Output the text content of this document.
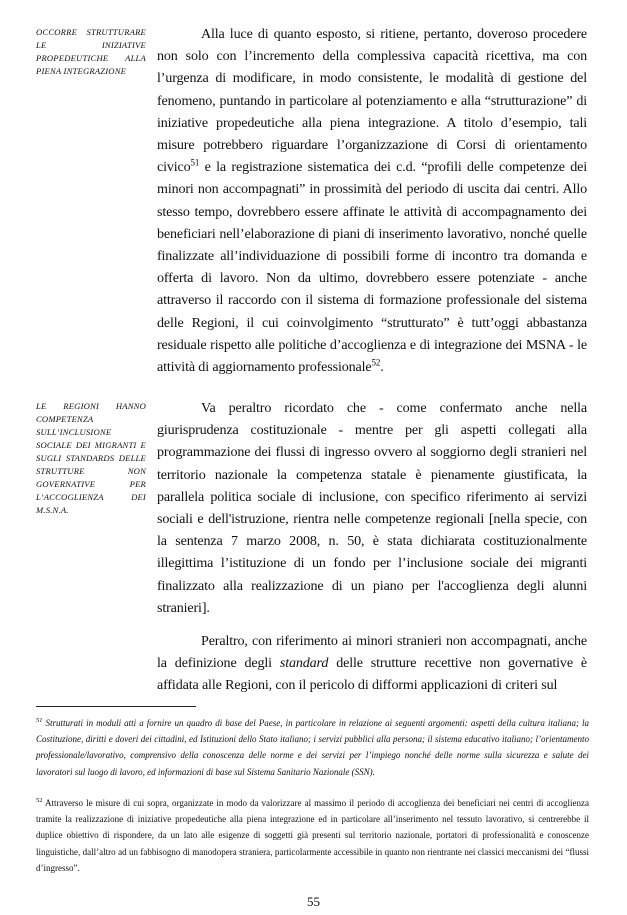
OCCORRE STRUTTURARE LE INIZIATIVE PROPEDEUTICHE ALLA PIENA INTEGRAZIONE

Alla luce di quanto esposto, si ritiene, pertanto, doveroso procedere non solo con l’incremento della complessiva capacità ricettiva, ma con l’urgenza di modificare, in modo consistente, le modalità di gestione del fenomeno, puntando in particolare al potenziamento e alla “strutturazione” di iniziative propedeutiche alla piena integrazione. A titolo d’esempio, tali misure potrebbero riguardare l’organizzazione di Corsi di orientamento civico$^{51}$ e la registrazione sistematica dei c.d. “profili delle competenze dei minori non accompagnati” in prossimità del periodo di uscita dai centri. Allo stesso tempo, dovrebbero essere affinate le attività di accompagnamento dei beneficiari nell’elaborazione di piani di inserimento lavorativo, nonché quelle finalizzate all’individuazione di possibili forme di incontro tra domanda e offerta di lavoro. Non da ultimo, dovrebbero essere potenziate - anche attraverso il raccordo con il sistema di formazione professionale del sistema delle Regioni, il cui coinvolgimento “strutturato” è tutt’oggi abbastanza residuale rispetto alle politiche d’accoglienza e di integrazione dei MSNA - le attività di aggiornamento professionale$^{52}$.

LE REGIONI HANNO COMPETENZA SULL’INCLUSIONE SOCIALE DEI MIGRANTI E SUGLI STANDARDS DELLE STRUTTURE NON GOVERNATIVE PER L’ACCOGLIENZA DEI M.S.N.A.

Va peraltro ricordato che - come confermato anche nella giurisprudenza costituzionale - mentre per gli aspetti collegati alla programmazione dei flussi di ingresso ovvero al soggiorno degli stranieri nel territorio nazionale la competenza statale è pienamente giustificata, la parallela politica sociale di inclusione, con specifico riferimento ai servizi sociali e dell'istruzione, rientra nelle competenze regionali [nella specie, con la sentenza 7 marzo 2008, n. 50, è stata dichiarata costituzionalmente illegittima l’istituzione di un fondo per l’inclusione sociale dei migranti finalizzato alla realizzazione di un piano per l'accoglienza degli alunni stranieri].

Peraltro, con riferimento ai minori stranieri non accompagnati, anche la definizione degli standard delle strutture recettive non governative è affidata alle Regioni, con il pericolo di difformi applicazioni di criteri sul

$^{51}$ Strutturati in moduli atti a fornire un quadro di base del Paese, in particolare in relazione ai seguenti argomenti: aspetti della cultura italiana; la Costituzione, diritti e doveri dei cittadini, ed Istituzioni dello Stato italiano; i servizi pubblici alla persona; il sistema educativo italiano; l’orientamento professionale/lavorativo, comprensivo della conoscenza delle norme e dei servizi per l’impiego nonché delle norme sulla sicurezza e salute dei lavoratori sul luogo di lavoro, ed informazioni di base sul Sistema Sanitario Nazionale (SSN).
$^{52}$ Attraverso le misure di cui sopra, organizzate in modo da valorizzare al massimo il periodo di accoglienza dei beneficiari nei centri di accoglienza tramite la realizzazione di iniziative propedeutiche alla piena integrazione ed in particolare all’inserimento nel tessuto lavorativo, si centrerebbe il duplice obiettivo di rispondere, da un lato alle esigenze di soggetti già presenti sul territorio nazionale, portatori di professionalità e conoscenze linguistiche, dall’altro ad un fabbisogno di manodopera straniera, particolarmente accessibile in quanto non rientrante nei classici meccanismi dei “flussi d’ingresso”.
55
